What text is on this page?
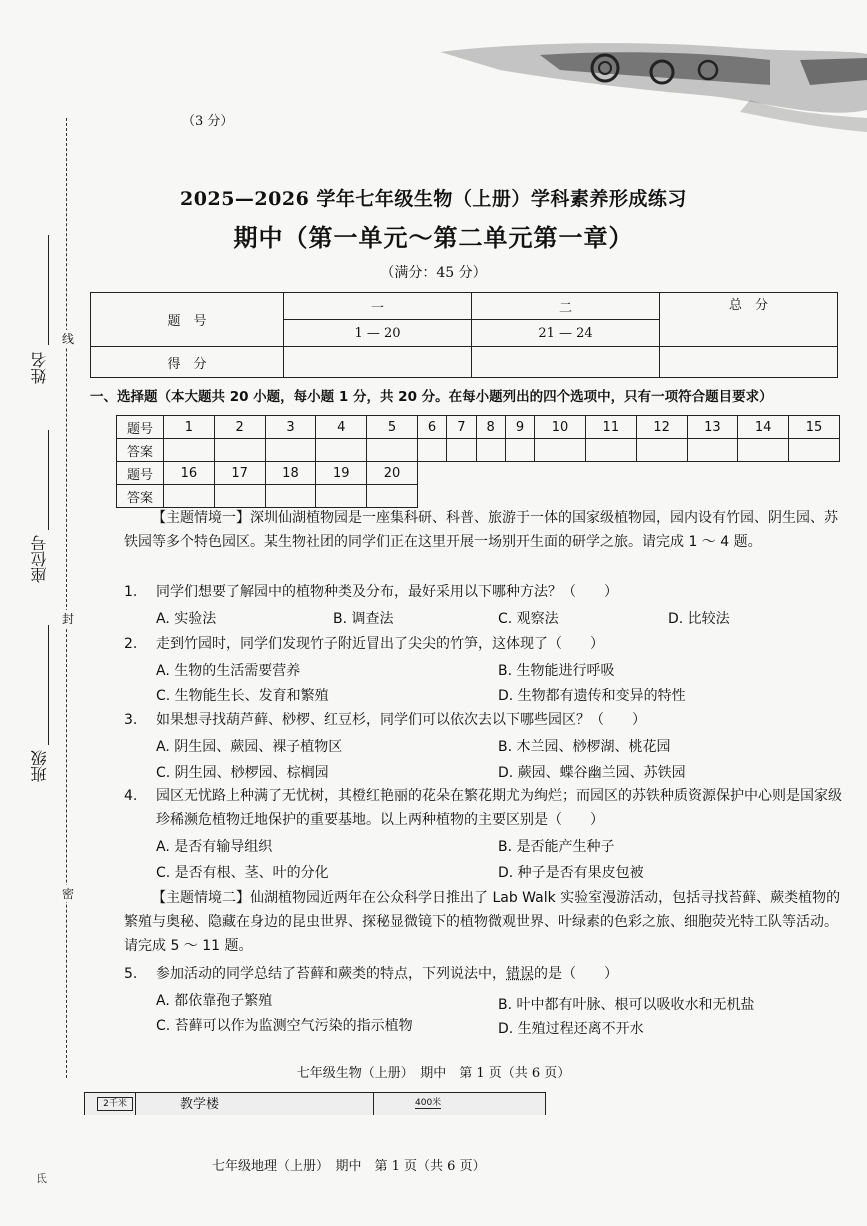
（3 分）
线
封
密
姓名
座位号
班级
2025—2026 学年七年级生物（上册）学科素养形成练习
期中（第一单元～第二单元第一章）
（满分：45 分）
题　号	一	二	总　分
	1 — 20	21 — 24	
得　分			
一、选择题（本大题共 20 小题，每小题 1 分，共 20 分。在每小题列出的四个选项中，只有一项符合题目要求）
题号	1	2	3	4	5	6	7	8	9	10	11	12	13	14	15
答案															
题号	16	17	18	19	20										
答案															
【主题情境一】深圳仙湖植物园是一座集科研、科普、旅游于一体的国家级植物园，园内设有竹园、阴生园、苏铁园等多个特色园区。某生物社团的同学们正在这里开展一场别开生面的研学之旅。请完成 1 ～ 4 题。
1. 同学们想要了解园中的植物种类及分布，最好采用以下哪种方法？（　　）
A. 实验法	B. 调查法	C. 观察法	D. 比较法
2. 走到竹园时，同学们发现竹子附近冒出了尖尖的竹笋，这体现了（　　）
A. 生物的生活需要营养	B. 生物能进行呼吸
C. 生物能生长、发育和繁殖	D. 生物都有遗传和变异的特性
3. 如果想寻找葫芦藓、桫椤、红豆杉，同学们可以依次去以下哪些园区？（　　）
A. 阴生园、蕨园、裸子植物区	B. 木兰园、桫椤湖、桃花园
C. 阴生园、桫椤园、棕榈园	D. 蕨园、蝶谷幽兰园、苏铁园
4. 园区无忧路上种满了无忧树，其橙红艳丽的花朵在繁花期尤为绚烂；而园区的苏铁种质资源保护中心则是国家级珍稀濒危植物迁地保护的重要基地。以上两种植物的主要区别是（　　）
A. 是否有输导组织	B. 是否能产生种子
C. 是否有根、茎、叶的分化	D. 种子是否有果皮包被
【主题情境二】仙湖植物园近两年在公众科学日推出了 Lab Walk 实验室漫游活动，包括寻找苔藓、蕨类植物的繁殖与奥秘、隐藏在身边的昆虫世界、探秘显微镜下的植物微观世界、叶绿素的色彩之旅、细胞荧光特工队等活动。请完成 5 ～ 11 题。
5. 参加活动的同学总结了苔藓和蕨类的特点，下列说法中，错误的是（　　）
A. 都依靠孢子繁殖	B. 叶中都有叶脉、根可以吸收水和无机盐
C. 苔藓可以作为监测空气污染的指示植物	D. 生殖过程还离不开水
七年级生物（上册）　期中　第 1 页（共 6 页）
2千米	教学楼	400米
七年级地理（上册）　期中　第 1 页（共 6 页）
氐
